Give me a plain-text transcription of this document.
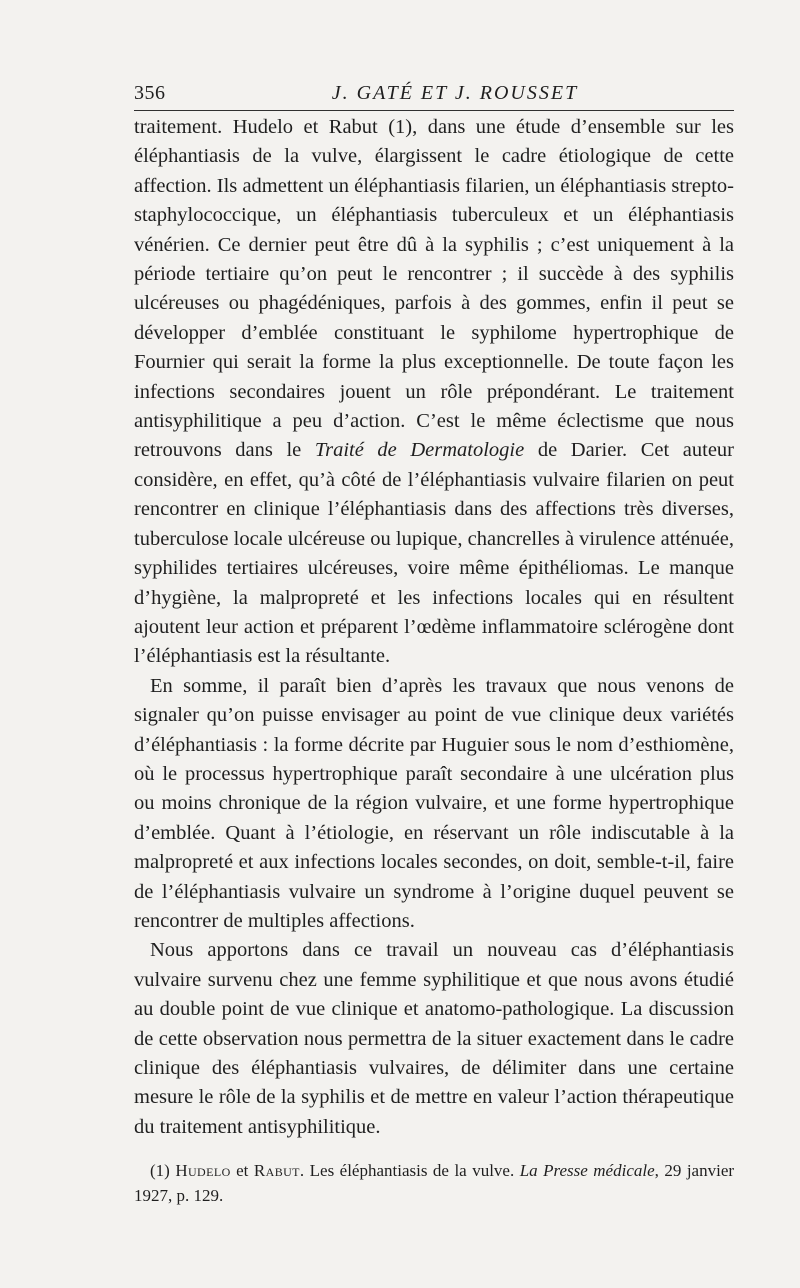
356	J. GATÉ ET J. ROUSSET

traitement. Hudelo et Rabut (1), dans une étude d’ensemble sur les éléphantiasis de la vulve, élargissent le cadre étiologique de cette affection. Ils admettent un éléphantiasis filarien, un éléphantiasis strepto-staphylococcique, un éléphantiasis tuberculeux et un éléphantiasis vénérien. Ce dernier peut être dû à la syphilis ; c’est uniquement à la période tertiaire qu’on peut le rencontrer ; il succède à des syphilis ulcéreuses ou phagédéniques, parfois à des gommes, enfin il peut se développer d’emblée constituant le syphilome hypertrophique de Fournier qui serait la forme la plus exceptionnelle. De toute façon les infections secondaires jouent un rôle prépondérant. Le traitement antisyphilitique a peu d’action. C’est le même éclectisme que nous retrouvons dans le Traité de Dermatologie de Darier. Cet auteur considère, en effet, qu’à côté de l’éléphantiasis vulvaire filarien on peut rencontrer en clinique l’éléphantiasis dans des affections très diverses, tuberculose locale ulcéreuse ou lupique, chancrelles à virulence atténuée, syphilides tertiaires ulcéreuses, voire même épithéliomas. Le manque d’hygiène, la malpropreté et les infections locales qui en résultent ajoutent leur action et préparent l’œdème inflammatoire sclérogène dont l’éléphantiasis est la résultante.

En somme, il paraît bien d’après les travaux que nous venons de signaler qu’on puisse envisager au point de vue clinique deux variétés d’éléphantiasis : la forme décrite par Huguier sous le nom d’esthiomène, où le processus hypertrophique paraît secondaire à une ulcération plus ou moins chronique de la région vulvaire, et une forme hypertrophique d’emblée. Quant à l’étiologie, en réservant un rôle indiscutable à la malpropreté et aux infections locales secondes, on doit, semble-t-il, faire de l’éléphantiasis vulvaire un syndrome à l’origine duquel peuvent se rencontrer de multiples affections.

Nous apportons dans ce travail un nouveau cas d’éléphantiasis vulvaire survenu chez une femme syphilitique et que nous avons étudié au double point de vue clinique et anatomo-pathologique. La discussion de cette observation nous permettra de la situer exactement dans le cadre clinique des éléphantiasis vulvaires, de délimiter dans une certaine mesure le rôle de la syphilis et de mettre en valeur l’action thérapeutique du traitement antisyphilitique.

(1) Hudelo et Rabut. Les éléphantiasis de la vulve. La Presse médicale, 29 janvier 1927, p. 129.
